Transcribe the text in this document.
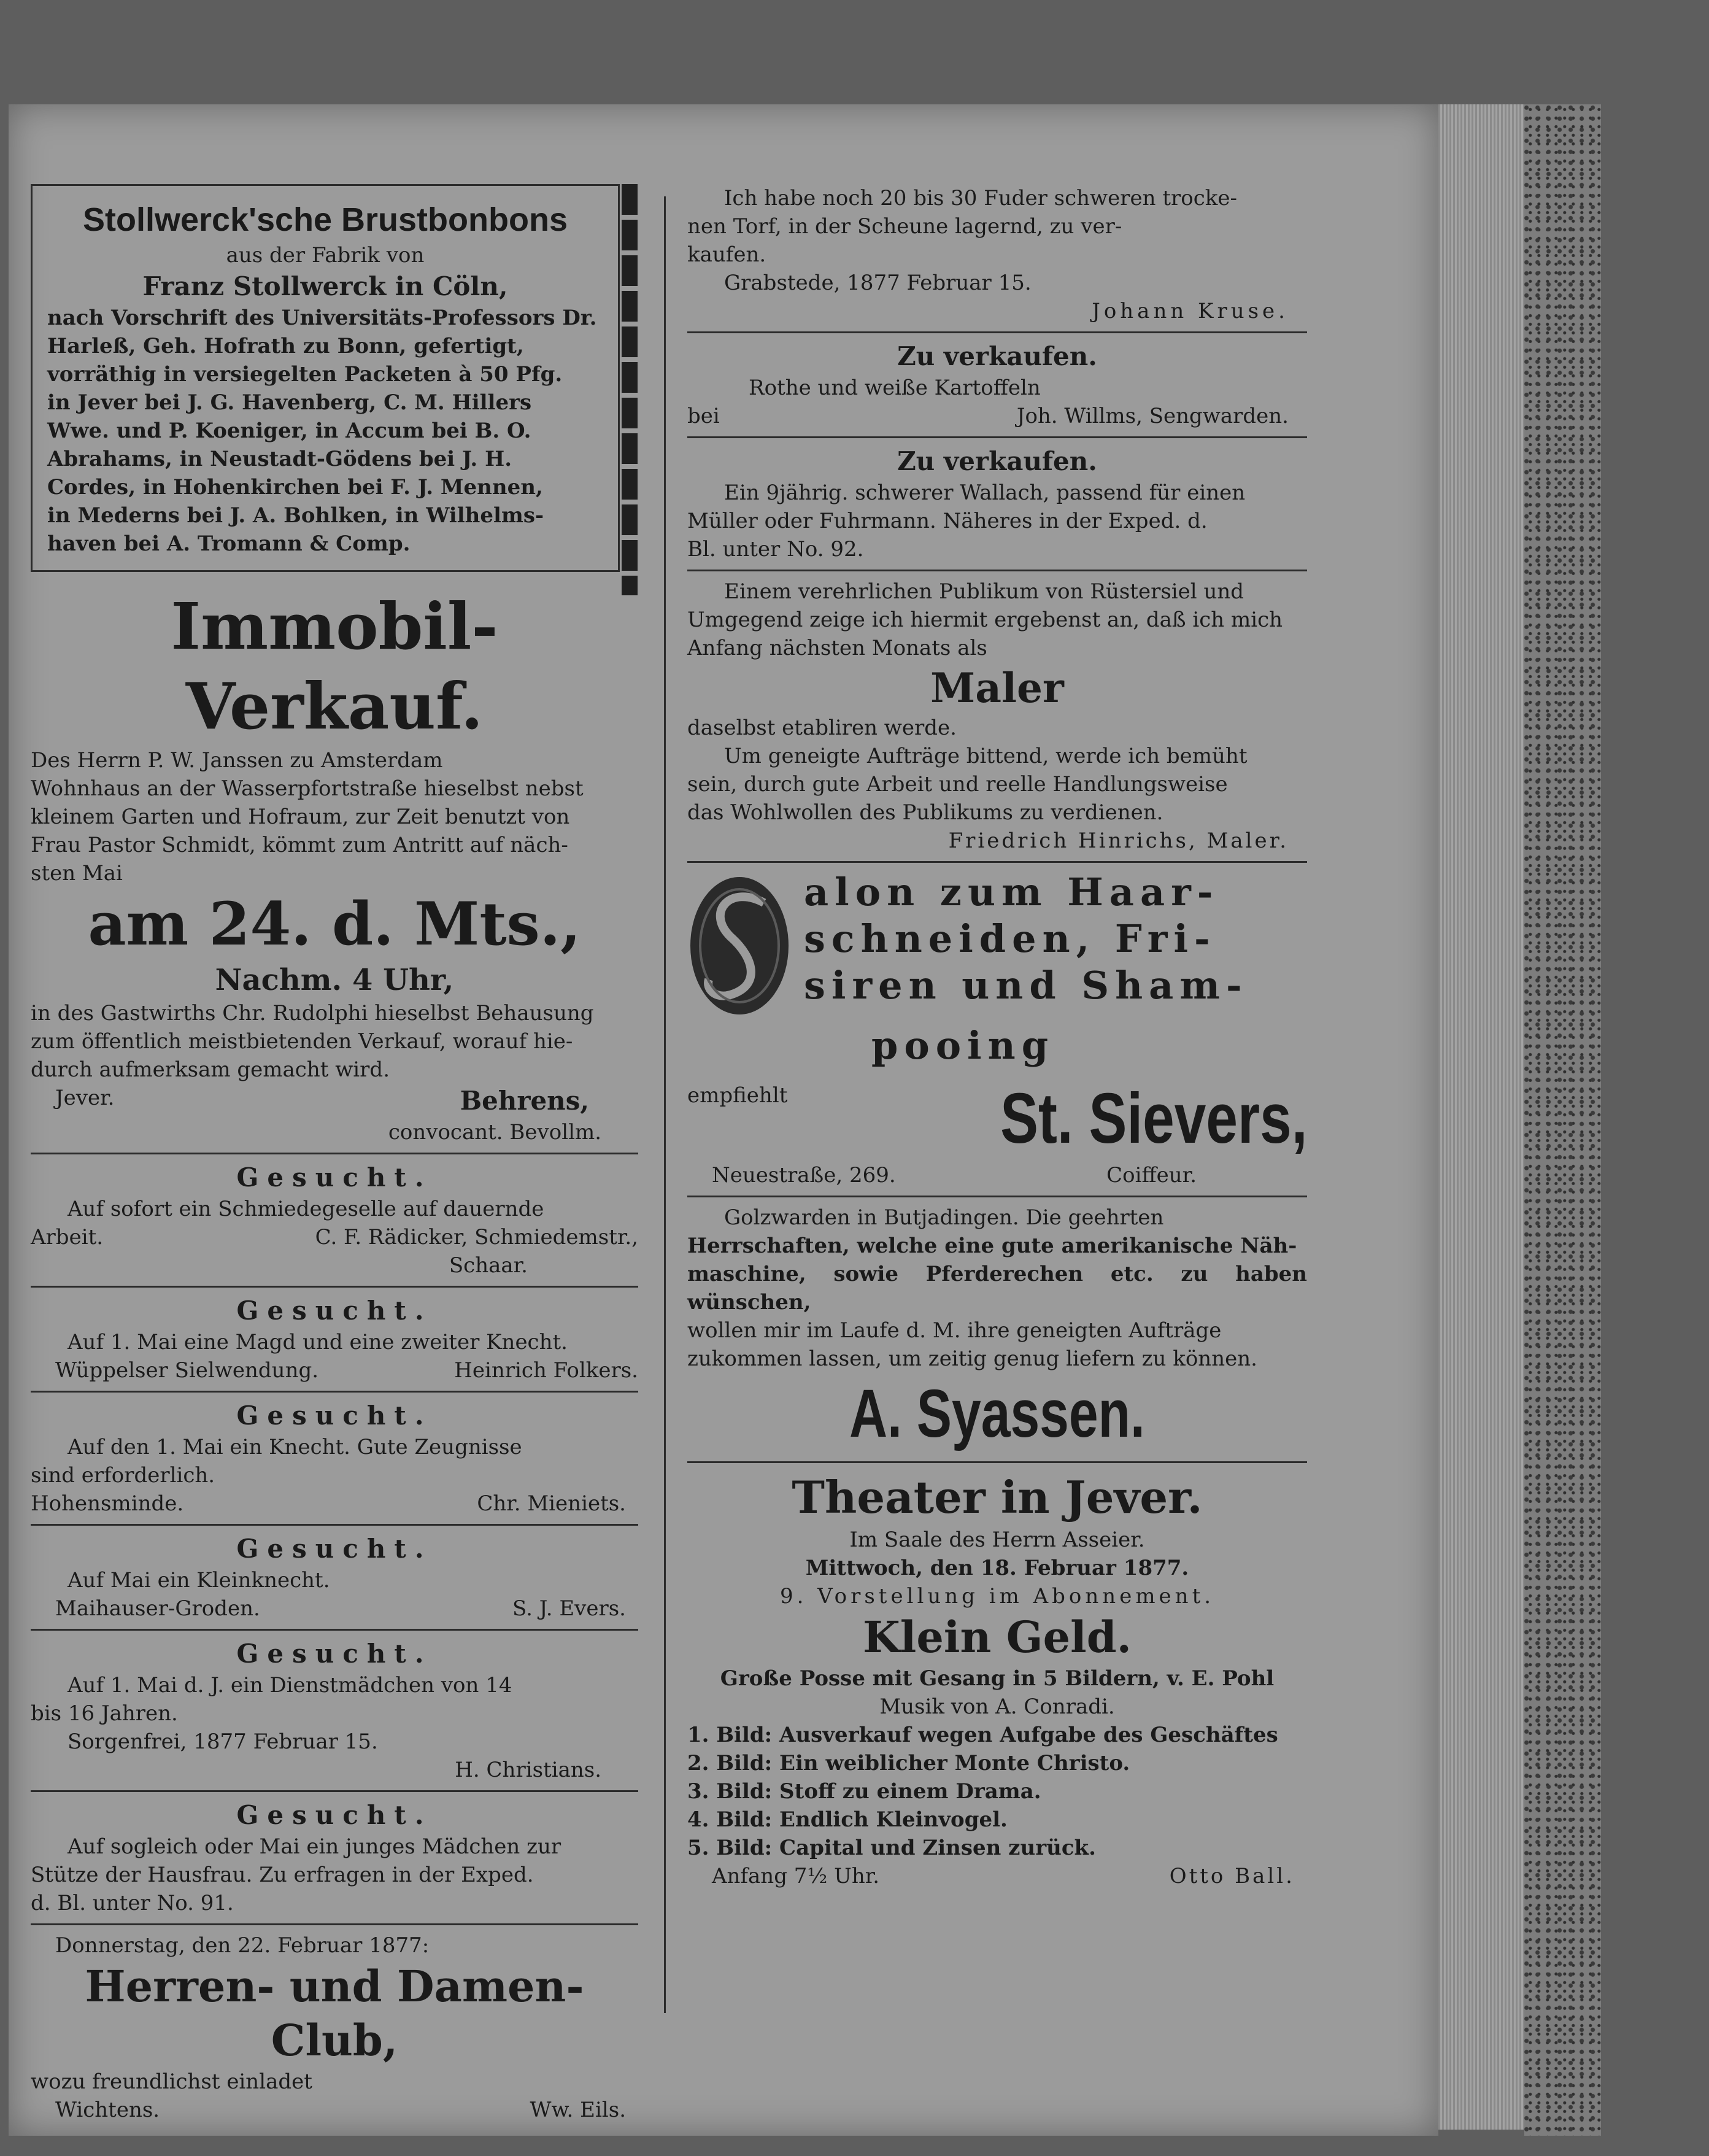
Stollwerck'sche Brustbonbons

aus der Fabrik von

Franz Stollwerck in Cöln,

nach Vorschrift des Universitäts-Professors Dr.

Harleß, Geh. Hofrath zu Bonn, gefertigt,

vorräthig in versiegelten Packeten à 50 Pfg.

in Jever bei J. G. Havenberg, C. M. Hillers

Wwe. und P. Koeniger, in Accum bei B. O.

Abrahams, in Neustadt-Gödens bei J. H.

Cordes, in Hohenkirchen bei F. J. Mennen,

in Mederns bei J. A. Bohlken, in Wilhelms-

haven bei A. Tromann & Comp.

Immobil-Verkauf.

Des Herrn P. W. Janssen zu Amsterdam

Wohnhaus an der Wasserpfortstraße hieselbst nebst

kleinem Garten und Hofraum, zur Zeit benutzt von

Frau Pastor Schmidt, kömmt zum Antritt auf näch-

sten Mai

am 24. d. Mts.,

Nachm. 4 Uhr,

in des Gastwirths Chr. Rudolphi hieselbst Behausung

zum öffentlich meistbietenden Verkauf, worauf hie-

durch aufmerksam gemacht wird.

Jever.	Behrens,

convocant. Bevollm.

Gesucht.

Auf sofort ein Schmiedegeselle auf dauernde

Arbeit.	C. F. Rädicker, Schmiedemstr.,

Schaar.

Gesucht.

Auf 1. Mai eine Magd und eine zweiter Knecht.

Wüppelser Sielwendung.	Heinrich Folkers.

Gesucht.

Auf den 1. Mai ein Knecht. Gute Zeugnisse

sind erforderlich.

Hohensminde.	Chr. Mieniets.

Gesucht.

Auf Mai ein Kleinknecht.

Maihauser-Groden.	S. J. Evers.

Gesucht.

Auf 1. Mai d. J. ein Dienstmädchen von 14

bis 16 Jahren.

Sorgenfrei, 1877 Februar 15.

H. Christians.

Gesucht.

Auf sogleich oder Mai ein junges Mädchen zur

Stütze der Hausfrau. Zu erfragen in der Exped.

d. Bl. unter No. 91.

Donnerstag, den 22. Februar 1877:

Herren- und Damen-Club,

wozu freundlichst einladet

Wichtens.	Ww. Eils.

Ich habe noch 20 bis 30 Fuder schweren trocke-

nen Torf, in der Scheune lagernd, zu ver-

kaufen.

Grabstede, 1877 Februar 15.

Johann Kruse.

Zu verkaufen.

Rothe und weiße Kartoffeln

bei	Joh. Willms, Sengwarden.

Zu verkaufen.

Ein 9jährig. schwerer Wallach, passend für einen

Müller oder Fuhrmann. Näheres in der Exped. d.

Bl. unter No. 92.

Einem verehrlichen Publikum von Rüstersiel und

Umgegend zeige ich hiermit ergebenst an, daß ich mich

Anfang nächsten Monats als

Maler

daselbst etabliren werde.

Um geneigte Aufträge bittend, werde ich bemüht

sein, durch gute Arbeit und reelle Handlungsweise

das Wohlwollen des Publikums zu verdienen.

Friedrich Hinrichs, Maler.

alon zum Haar-

schneiden, Fri-

siren und Sham-

pooing

empfiehlt	St. Sievers,

Neuestraße, 269.	Coiffeur.

Golzwarden in Butjadingen. Die geehrten

Herrschaften, welche eine gute amerikanische Näh-

maschine, sowie Pferderechen etc. zu haben wünschen,

wollen mir im Laufe d. M. ihre geneigten Aufträge

zukommen lassen, um zeitig genug liefern zu können.

A. Syassen.

Theater in Jever.

Im Saale des Herrn Asseier.

Mittwoch, den 18. Februar 1877.

9. Vorstellung im Abonnement.

Klein Geld.

Große Posse mit Gesang in 5 Bildern, v. E. Pohl

Musik von A. Conradi.

1. Bild: Ausverkauf wegen Aufgabe des Geschäftes

2. Bild: Ein weiblicher Monte Christo.

3. Bild: Stoff zu einem Drama.

4. Bild: Endlich Kleinvogel.

5. Bild: Capital und Zinsen zurück.

Anfang 7½ Uhr.	Otto Ball.
